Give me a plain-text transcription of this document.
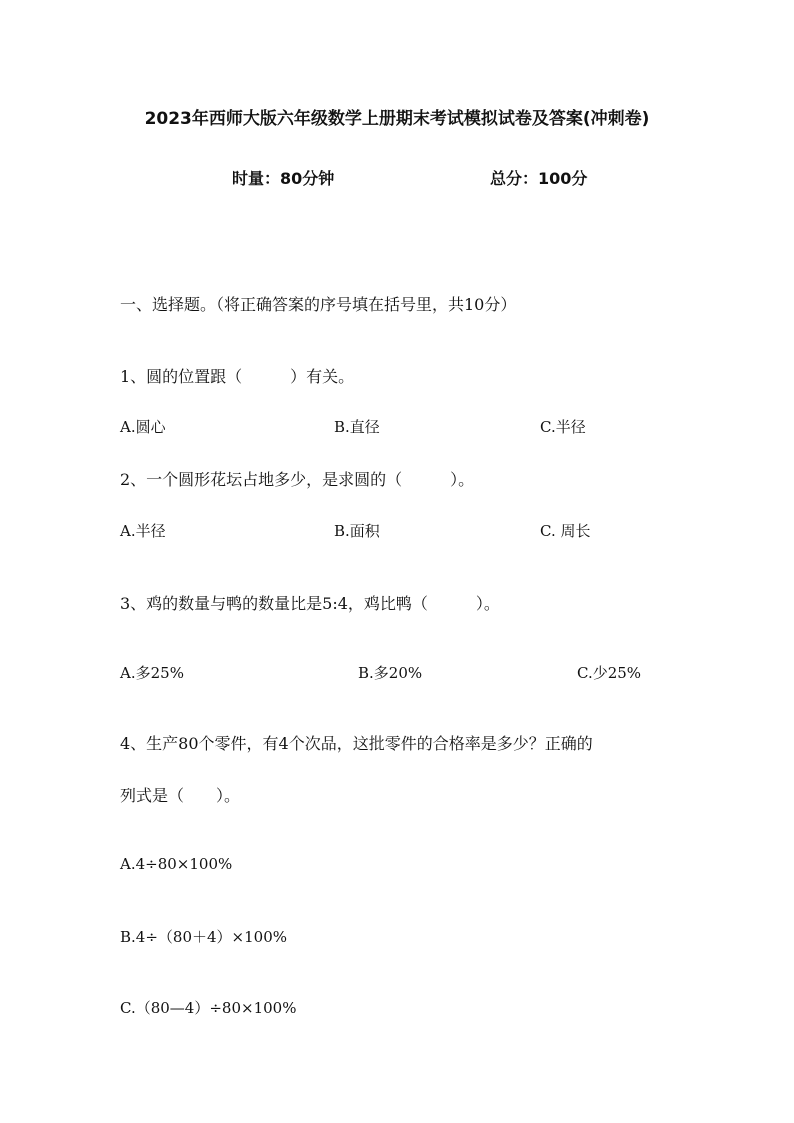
2023年西师大版六年级数学上册期末考试模拟试卷及答案(冲刺卷)
时量：80分钟	总分：100分
一、选择题。（将正确答案的序号填在括号里，共10分）
1、圆的位置跟（　　　）有关。
A.圆心	B.直径	C.半径
2、一个圆形花坛占地多少，是求圆的（　　　）。
A.半径	B.面积	C. 周长
3、鸡的数量与鸭的数量比是5:4，鸡比鸭（　　　）。
A.多25%	B.多20%	C.少25%
4、生产80个零件，有4个次品，这批零件的合格率是多少？正确的
列式是（　　）。
A.4÷80×100%
B.4÷（80＋4）×100%
C.（80—4）÷80×100%
